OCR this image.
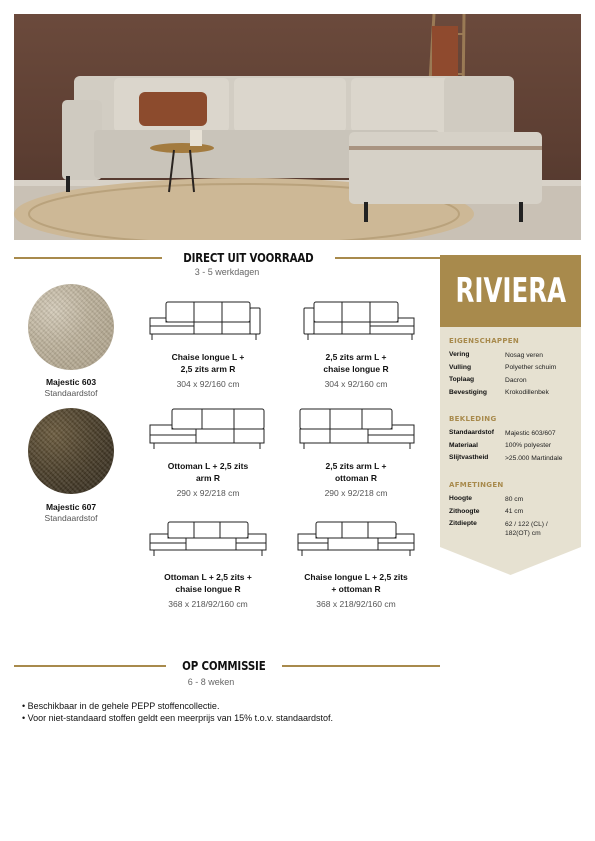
DIRECT UIT VOORRAAD
3 - 5 werkdagen
Majestic 603
Standaardstof
Majestic 607
Standaardstof
Chaise longue L + 2,5 zits arm R
304 x 92/160 cm
2,5 zits arm L + chaise longue R
304 x 92/160 cm
Ottoman L + 2,5 zits arm R
290 x 92/218 cm
2,5 zits arm L + ottoman R
290 x 92/218 cm
Ottoman L + 2,5 zits + chaise longue R
368 x 218/92/160 cm
Chaise longue L + 2,5 zits + ottoman R
368 x 218/92/160 cm
RIVIERA
EIGENSCHAPPEN
Vering	Nosag veren
Vulling	Polyether schuim
Toplaag	Dacron
Bevestiging	Krokodillenbek
BEKLEDING
Standaardstof	Majestic 603/607
Materiaal	100% polyester
Slijtvastheid	>25.000 Martindale
AFMETINGEN
Hoogte	80 cm
Zithoogte	41 cm
Zitdiepte	62 / 122 (CL) / 182(OT) cm
OP COMMISSIE
6 - 8 weken
• Beschikbaar in de gehele PEPP stoffencollectie.
• Voor niet-standaard stoffen geldt een meerprijs van 15% t.o.v. standaardstof.
